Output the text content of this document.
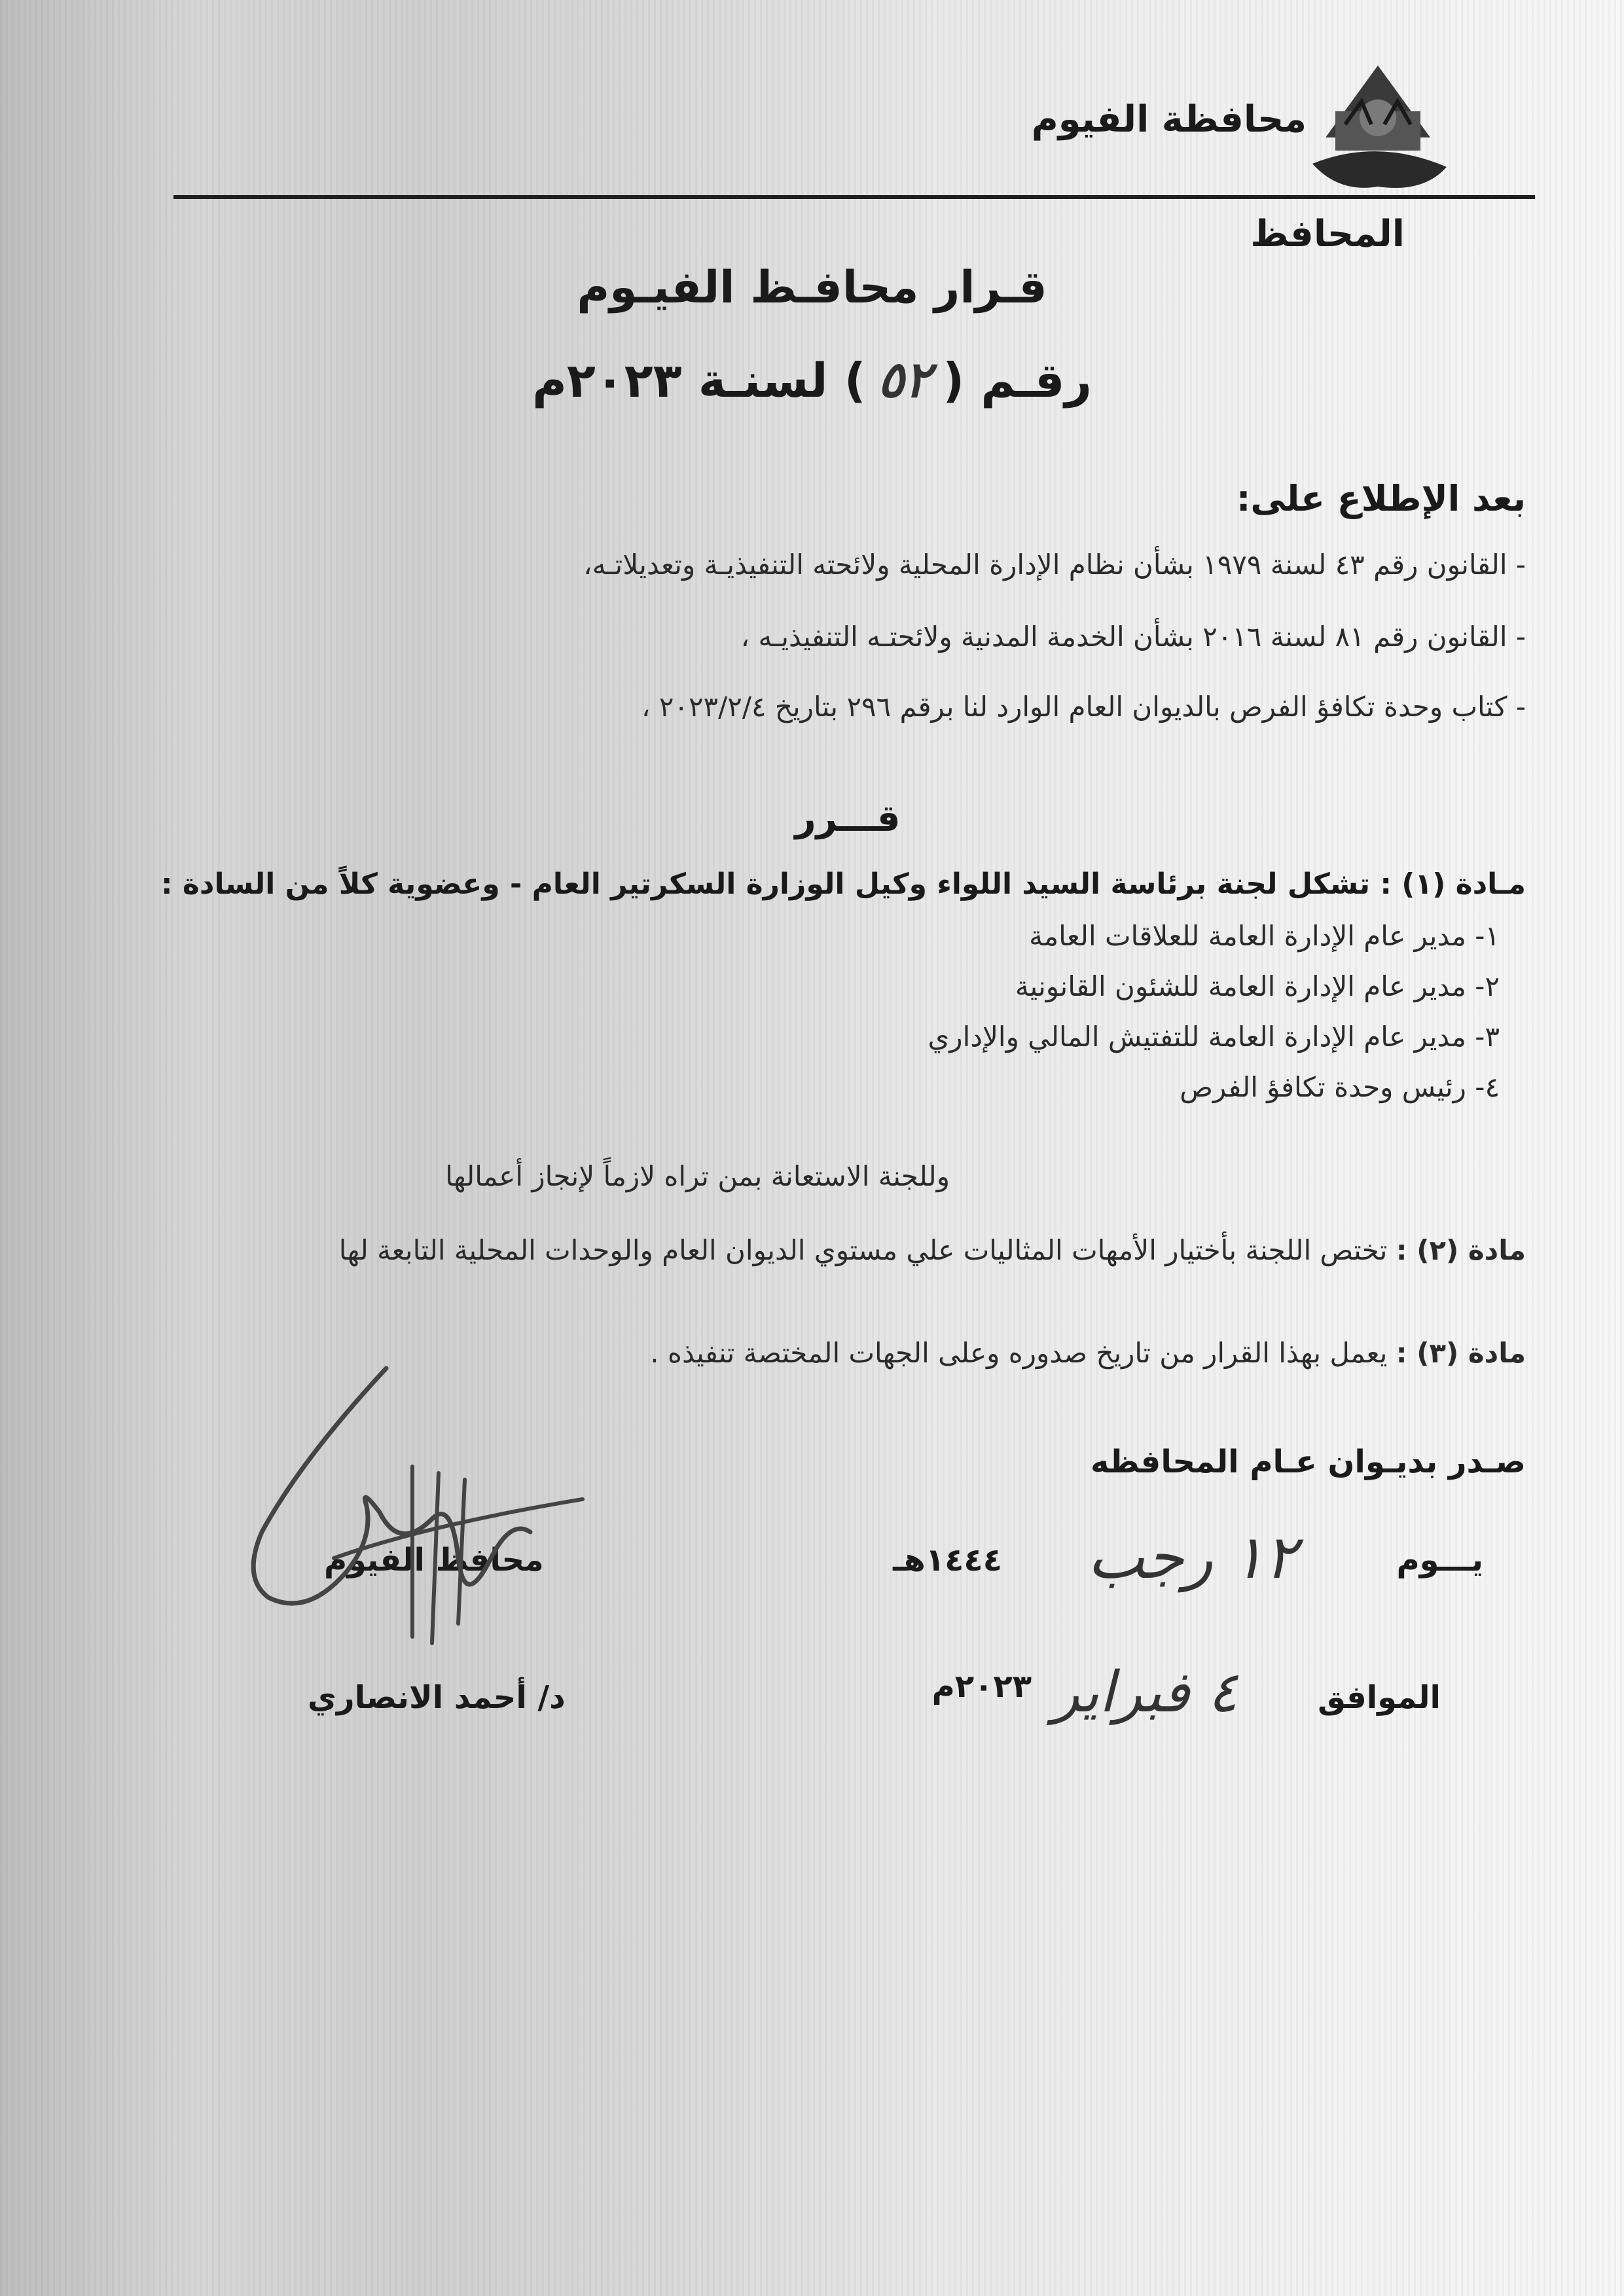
محافظة الفيوم
المحافظ
قـرار محافـظ الفيـوم
رقـم (٥٢) لسنـة ٢٠٢٣م
بعد الإطلاع على:
- القانون رقم ٤٣ لسنة ١٩٧٩ بشأن نظام الإدارة المحلية ولائحته التنفيذيـة وتعديلاتـه،
- القانون رقم ٨١ لسنة ٢٠١٦ بشأن الخدمة المدنية ولائحتـه التنفيذيـه ،
- كتاب وحدة تكافؤ الفرص بالديوان العام الوارد لنا برقم ٢٩٦ بتاريخ ٢٠٢٣/٢/٤ ،
قـــرر
مـادة (١) : تشكل لجنة برئاسة السيد اللواء وكيل الوزارة السكرتير العام - وعضوية كلاً من السادة :
١- مدير عام الإدارة العامة للعلاقات العامة
٢- مدير عام الإدارة العامة للشئون القانونية
٣- مدير عام الإدارة العامة للتفتيش المالي والإداري
٤- رئيس وحدة تكافؤ الفرص
وللجنة الاستعانة بمن تراه لازماً لإنجاز أعمالها
مادة (٢) : تختص اللجنة بأختيار الأمهات المثاليات علي مستوي الديوان العام والوحدات المحلية التابعة لها
مادة (٣) : يعمل بهذا القرار من تاريخ صدوره وعلى الجهات المختصة تنفيذه .
صـدر بديـوان عـام المحافظه
يـــوم
١٢ رجب
١٤٤٤هـ
الموافق
٤ فبراير
٢٠٢٣م
محافظ الفيوم
د/ أحمد الانصاري
